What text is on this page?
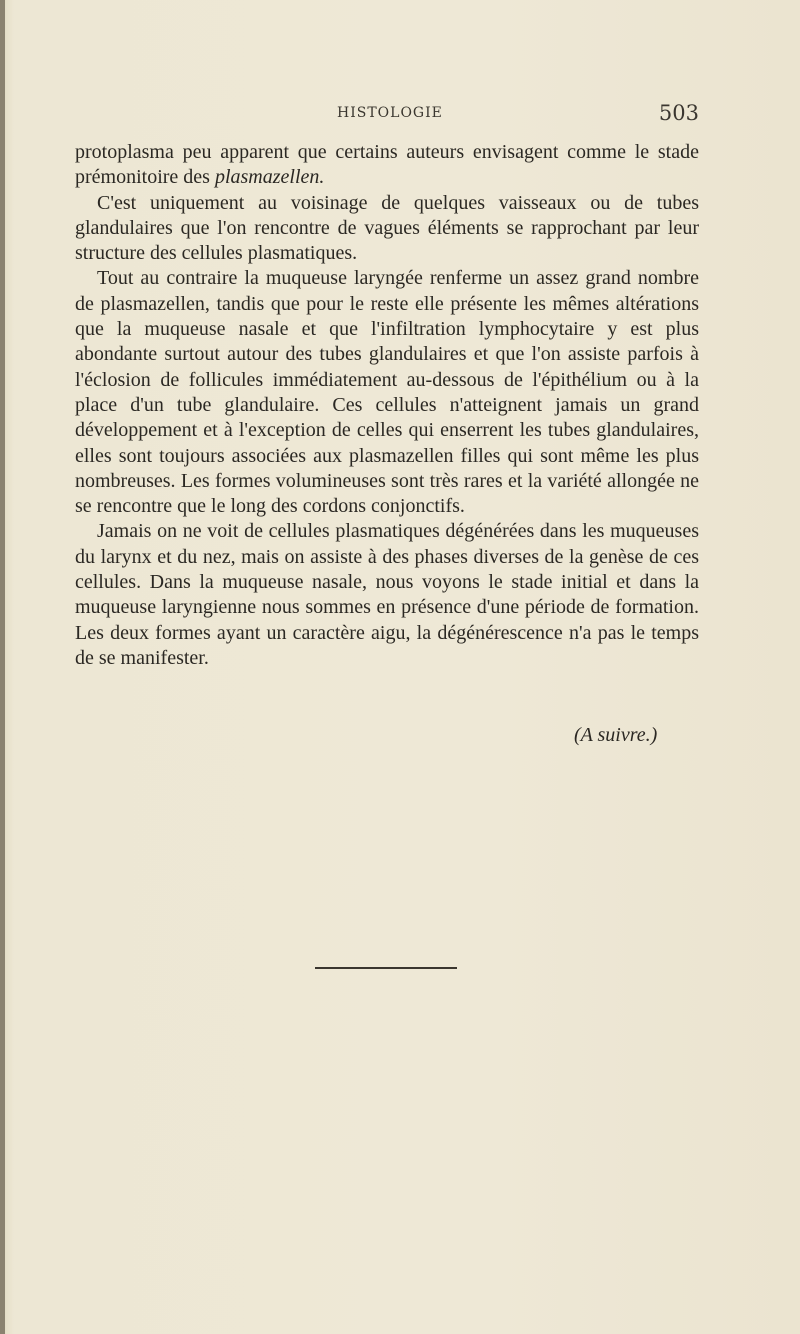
HISTOLOGIE	503

protoplasma peu apparent que certains auteurs envisagent comme le stade prémonitoire des plasmazellen.

C'est uniquement au voisinage de quelques vaisseaux ou de tubes glandulaires que l'on rencontre de vagues éléments se rapprochant par leur structure des cellules plasmatiques.

Tout au contraire la muqueuse laryngée renferme un assez grand nombre de plasmazellen, tandis que pour le reste elle présente les mêmes altérations que la muqueuse nasale et que l'infiltration lymphocytaire y est plus abondante surtout autour des tubes glandulaires et que l'on assiste parfois à l'éclosion de follicules immédiatement au-dessous de l'épithélium ou à la place d'un tube glandulaire. Ces cellules n'atteignent jamais un grand développement et à l'exception de celles qui enserrent les tubes glandulaires, elles sont toujours associées aux plasmazellen filles qui sont même les plus nombreuses. Les formes volumineuses sont très rares et la variété allongée ne se rencontre que le long des cordons conjonctifs.

Jamais on ne voit de cellules plasmatiques dégénérées dans les muqueuses du larynx et du nez, mais on assiste à des phases diverses de la genèse de ces cellules. Dans la muqueuse nasale, nous voyons le stade initial et dans la muqueuse laryngienne nous sommes en présence d'une période de formation. Les deux formes ayant un caractère aigu, la dégénérescence n'a pas le temps de se manifester.

(A suivre.)
